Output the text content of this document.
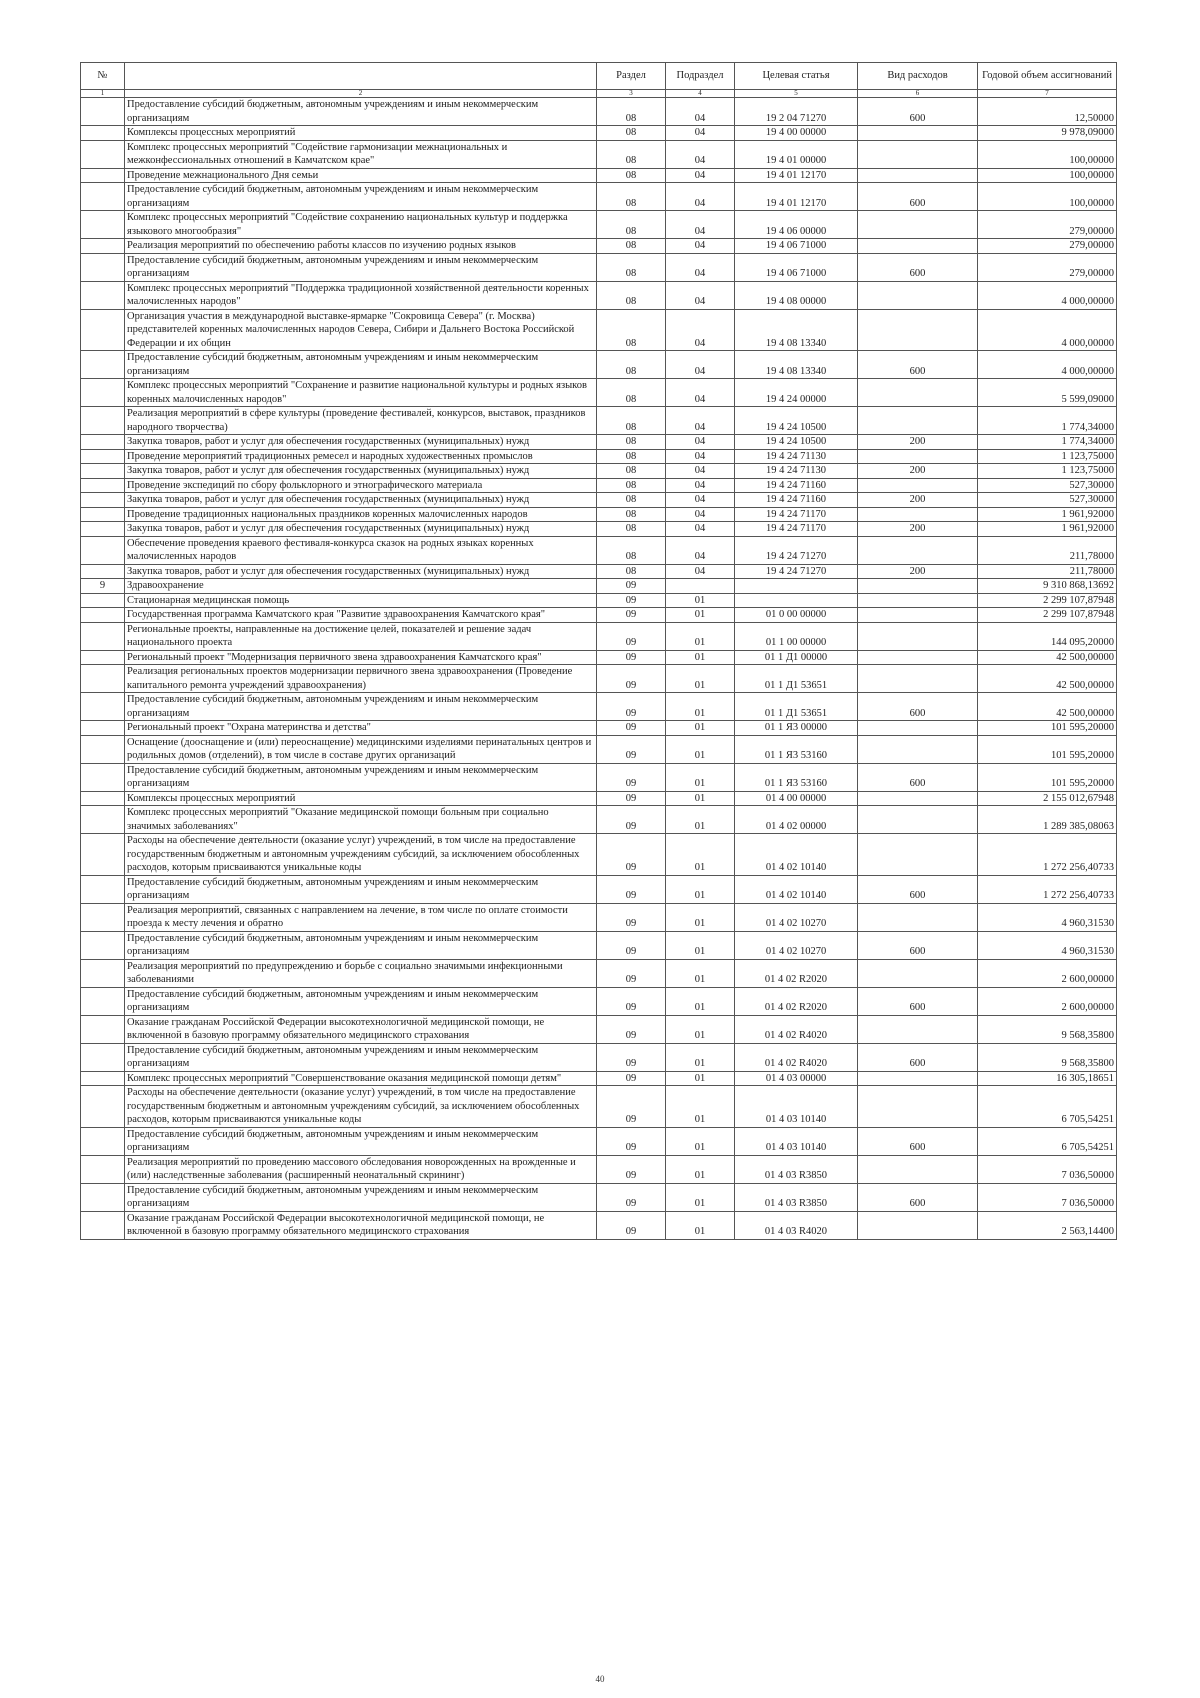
№		Раздел	Подраздел	Целевая статья	Вид расходов	Годовой объем ассигнований
1	2	3	4	5	6	7
	Предоставление субсидий бюджетным, автономным учреждениям и иным некоммерческим организациям	08	04	19 2 04 71270	600	12,50000
	Комплексы процессных мероприятий	08	04	19 4 00 00000		9 978,09000
	Комплекс процессных мероприятий "Содействие гармонизации межнациональных и межконфессиональных отношений в Камчатском крае"	08	04	19 4 01 00000		100,00000
	Проведение межнационального Дня семьи	08	04	19 4 01 12170		100,00000
	Предоставление субсидий бюджетным, автономным учреждениям и иным некоммерческим организациям	08	04	19 4 01 12170	600	100,00000
	Комплекс процессных мероприятий "Содействие сохранению национальных культур и поддержка языкового многообразия"	08	04	19 4 06 00000		279,00000
	Реализация мероприятий по обеспечению работы классов по изучению родных языков	08	04	19 4 06 71000		279,00000
	Предоставление субсидий бюджетным, автономным учреждениям и иным некоммерческим организациям	08	04	19 4 06 71000	600	279,00000
	Комплекс процессных мероприятий "Поддержка традиционной хозяйственной деятельности коренных малочисленных народов"	08	04	19 4 08 00000		4 000,00000
	Организация участия в международной выставке-ярмарке "Сокровища Севера" (г. Москва) представителей коренных малочисленных народов Севера, Сибири и Дальнего Востока Российской Федерации и их общин	08	04	19 4 08 13340		4 000,00000
	Предоставление субсидий бюджетным, автономным учреждениям и иным некоммерческим организациям	08	04	19 4 08 13340	600	4 000,00000
	Комплекс процессных мероприятий "Сохранение и развитие национальной культуры и родных языков коренных малочисленных народов"	08	04	19 4 24 00000		5 599,09000
	Реализация мероприятий в сфере культуры (проведение фестивалей, конкурсов, выставок, праздников народного творчества)	08	04	19 4 24 10500		1 774,34000
	Закупка товаров, работ и услуг для обеспечения государственных (муниципальных) нужд	08	04	19 4 24 10500	200	1 774,34000
	Проведение мероприятий традиционных ремесел и народных художественных промыслов	08	04	19 4 24 71130		1 123,75000
	Закупка товаров, работ и услуг для обеспечения государственных (муниципальных) нужд	08	04	19 4 24 71130	200	1 123,75000
	Проведение экспедиций по сбору фольклорного и этнографического материала	08	04	19 4 24 71160		527,30000
	Закупка товаров, работ и услуг для обеспечения государственных (муниципальных) нужд	08	04	19 4 24 71160	200	527,30000
	Проведение традиционных национальных праздников коренных малочисленных народов	08	04	19 4 24 71170		1 961,92000
	Закупка товаров, работ и услуг для обеспечения государственных (муниципальных) нужд	08	04	19 4 24 71170	200	1 961,92000
	Обеспечение проведения краевого фестиваля-конкурса сказок на родных языках коренных малочисленных народов	08	04	19 4 24 71270		211,78000
	Закупка товаров, работ и услуг для обеспечения государственных (муниципальных) нужд	08	04	19 4 24 71270	200	211,78000
9	Здравоохранение	09				9 310 868,13692
	Стационарная медицинская помощь	09	01			2 299 107,87948
	Государственная программа Камчатского края "Развитие здравоохранения Камчатского края"	09	01	01 0 00 00000		2 299 107,87948
	Региональные проекты, направленные на достижение целей, показателей и решение задач национального проекта	09	01	01 1 00 00000		144 095,20000
	Региональный проект "Модернизация первичного звена здравоохранения Камчатского края"	09	01	01 1 Д1 00000		42 500,00000
	Реализация региональных проектов модернизации первичного звена здравоохранения (Проведение капитального ремонта учреждений здравоохранения)	09	01	01 1 Д1 53651		42 500,00000
	Предоставление субсидий бюджетным, автономным учреждениям и иным некоммерческим организациям	09	01	01 1 Д1 53651	600	42 500,00000
	Региональный проект "Охрана материнства и детства"	09	01	01 1 Я3 00000		101 595,20000
	Оснащение (дооснащение и (или) переоснащение) медицинскими изделиями перинатальных центров и родильных домов (отделений), в том числе в составе других организаций	09	01	01 1 Я3 53160		101 595,20000
	Предоставление субсидий бюджетным, автономным учреждениям и иным некоммерческим организациям	09	01	01 1 Я3 53160	600	101 595,20000
	Комплексы процессных мероприятий	09	01	01 4 00 00000		2 155 012,67948
	Комплекс процессных мероприятий "Оказание медицинской помощи больным при социально значимых заболеваниях"	09	01	01 4 02 00000		1 289 385,08063
	Расходы на обеспечение деятельности (оказание услуг) учреждений, в том числе на предоставление государственным бюджетным и автономным учреждениям субсидий, за исключением обособленных расходов, которым присваиваются уникальные коды	09	01	01 4 02 10140		1 272 256,40733
	Предоставление субсидий бюджетным, автономным учреждениям и иным некоммерческим организациям	09	01	01 4 02 10140	600	1 272 256,40733
	Реализация мероприятий, связанных с направлением на лечение, в том числе по оплате стоимости проезда к месту лечения и обратно	09	01	01 4 02 10270		4 960,31530
	Предоставление субсидий бюджетным, автономным учреждениям и иным некоммерческим организациям	09	01	01 4 02 10270	600	4 960,31530
	Реализация мероприятий по предупреждению и борьбе с социально значимыми инфекционными заболеваниями	09	01	01 4 02 R2020		2 600,00000
	Предоставление субсидий бюджетным, автономным учреждениям и иным некоммерческим организациям	09	01	01 4 02 R2020	600	2 600,00000
	Оказание гражданам Российской Федерации высокотехнологичной медицинской помощи, не включенной в базовую программу обязательного медицинского страхования	09	01	01 4 02 R4020		9 568,35800
	Предоставление субсидий бюджетным, автономным учреждениям и иным некоммерческим организациям	09	01	01 4 02 R4020	600	9 568,35800
	Комплекс процессных мероприятий "Совершенствование оказания медицинской помощи детям"	09	01	01 4 03 00000		16 305,18651
	Расходы на обеспечение деятельности (оказание услуг) учреждений, в том числе на предоставление государственным бюджетным и автономным учреждениям субсидий, за исключением обособленных расходов, которым присваиваются уникальные коды	09	01	01 4 03 10140		6 705,54251
	Предоставление субсидий бюджетным, автономным учреждениям и иным некоммерческим организациям	09	01	01 4 03 10140	600	6 705,54251
	Реализация мероприятий по проведению массового обследования новорожденных на врожденные и (или) наследственные заболевания (расширенный неонатальный скрининг)	09	01	01 4 03 R3850		7 036,50000
	Предоставление субсидий бюджетным, автономным учреждениям и иным некоммерческим организациям	09	01	01 4 03 R3850	600	7 036,50000
	Оказание гражданам Российской Федерации высокотехнологичной медицинской помощи, не включенной в базовую программу обязательного медицинского страхования	09	01	01 4 03 R4020		2 563,14400
40
